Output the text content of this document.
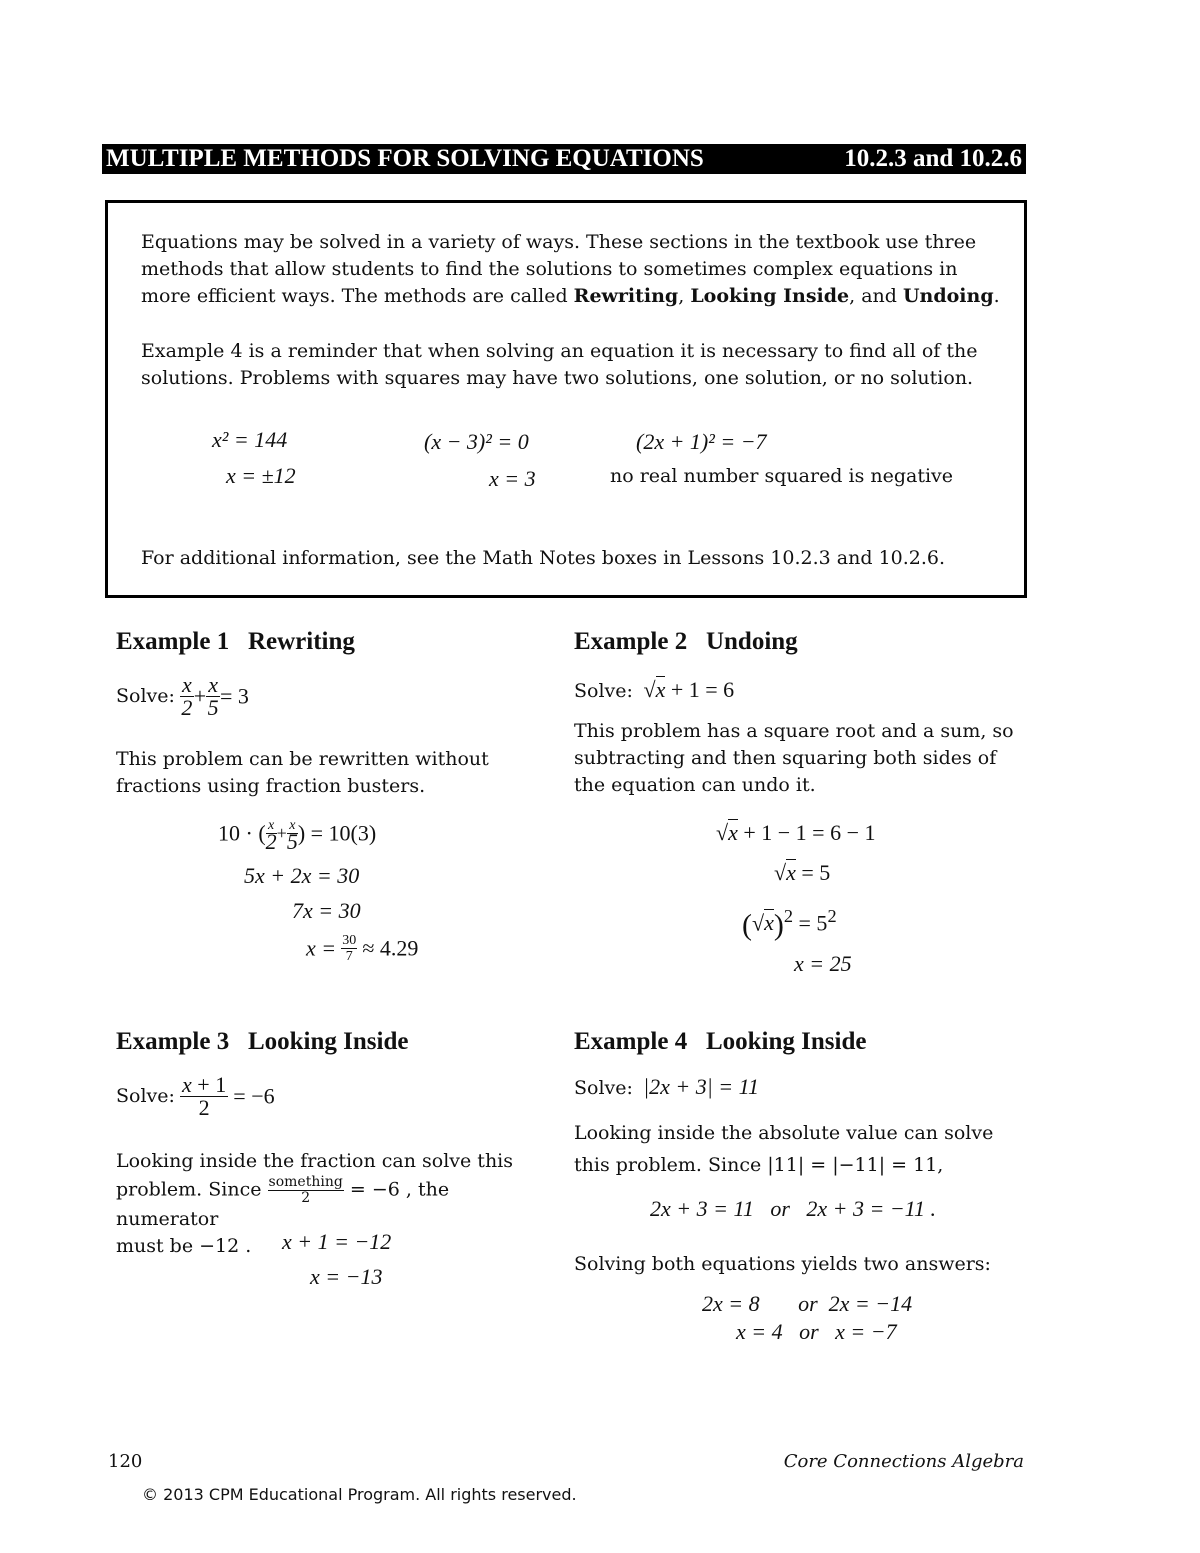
MULTIPLE METHODS FOR SOLVING EQUATIONS	10.2.3 and 10.2.6
Equations may be solved in a variety of ways. These sections in the textbook use three
methods that allow students to find the solutions to sometimes complex equations in
more efficient ways. The methods are called Rewriting, Looking Inside, and Undoing.
Example 4 is a reminder that when solving an equation it is necessary to find all of the
solutions. Problems with squares may have two solutions, one solution, or no solution.
x² = 144
x = ±12
(x − 3)² = 0
x = 3
(2x + 1)² = −7
no real number squared is negative
For additional information, see the Math Notes boxes in Lessons 10.2.3 and 10.2.6.
Example 1 Rewriting
Solve: $\frac{x}{2} + \frac{x}{5} = 3$
This problem can be rewritten without
fractions using fraction busters.
10 · ( $\frac{x}{2} + \frac{x}{5}$ ) = 10(3)
5x + 2x = 30
7x = 30
$x = \frac{30}{7} \approx 4.29$
Example 2 Undoing
Solve:  √x + 1 = 6
This problem has a square root and a sum, so
subtracting and then squaring both sides of
the equation can undo it.
√x + 1 − 1 = 6 − 1
√x = 5
$(√x)^2 = 5^2$
x = 25
Example 3 Looking Inside
Solve: $\frac{x + 1}{2} = -6$
Looking inside the fraction can solve this
problem. Since $\frac{\text{something}}{2} = -6$ , the numerator
must be −12 .	x + 1 = −12
x = −13
Example 4 Looking Inside
Solve: |2x + 3| = 11
Looking inside the absolute value can solve
this problem. Since |11| = |−11| = 11,
2x + 3 = 11   or   2x + 3 = −11 .
Solving both equations yields two answers:
2x = 8       or  2x = −14
x = 4   or   x = −7
120	Core Connections Algebra
© 2013 CPM Educational Program. All rights reserved.
